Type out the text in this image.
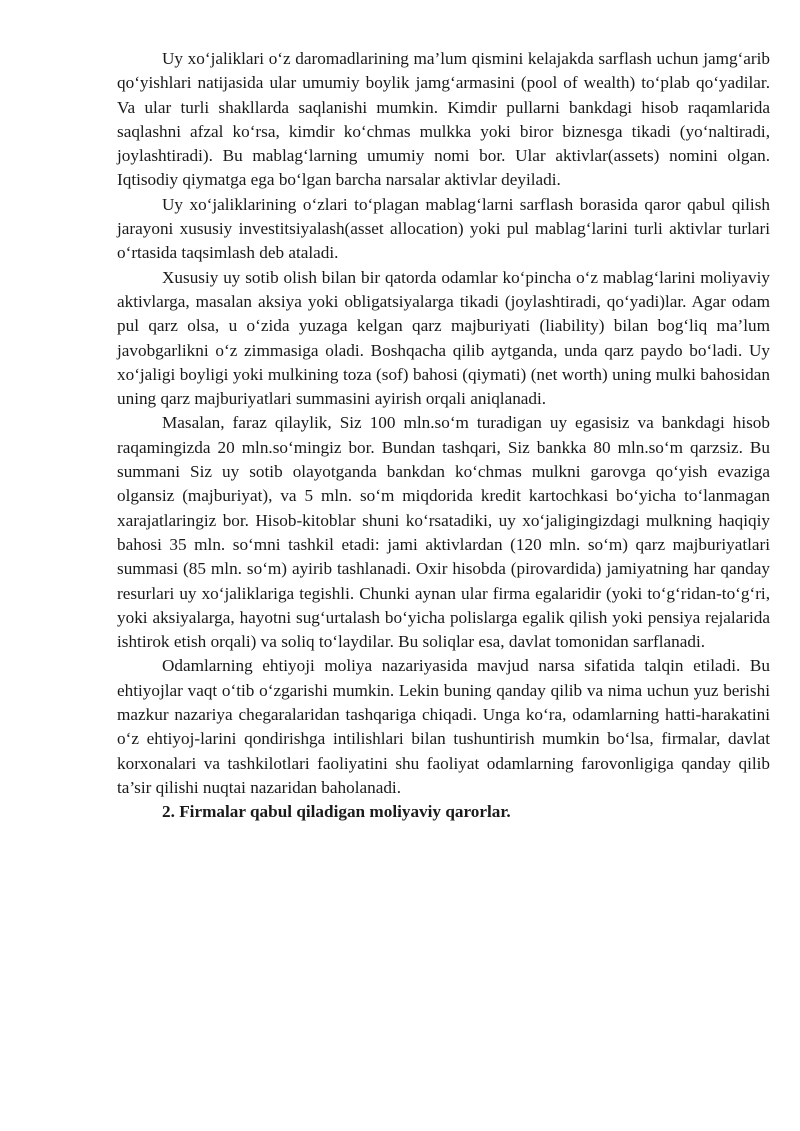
Uy xo‘jaliklari o‘z daromadlarining ma’lum qismini kelajakda sarflash uchun jamg‘arib qo‘yishlari natijasida ular umumiy boylik jamg‘armasini (pool of wealth) to‘plab qo‘yadilar. Va ular turli shakllarda saqlanishi mumkin. Kimdir pullarni bankdagi hisob raqamlarida saqlashni afzal ko‘rsa, kimdir ko‘chmas mulkka yoki biror biznesga tikadi (yo‘naltiradi, joylashtiradi). Bu mablag‘larning umumiy nomi bor. Ular aktivlar(assets) nomini olgan. Iqtisodiy qiymatga ega bo‘lgan barcha narsalar aktivlar deyiladi.

Uy xo‘jaliklarining o‘zlari to‘plagan mablag‘larni sarflash borasida qaror qabul qilish jarayoni xususiy investitsiyalash(asset allocation) yoki pul mablag‘larini turli aktivlar turlari o‘rtasida taqsimlash deb ataladi.

Xususiy uy sotib olish bilan bir qatorda odamlar ko‘pincha o‘z mablag‘larini moliyaviy aktivlarga, masalan aksiya yoki obligatsiyalarga tikadi (joylashtiradi, qo‘yadi)lar. Agar odam pul qarz olsa, u o‘zida yuzaga kelgan qarz majburiyati (liability) bilan bog‘liq ma’lum javobgarlikni o‘z zimmasiga oladi. Boshqacha qilib aytganda, unda qarz paydo bo‘ladi. Uy xo‘jaligi boyligi yoki mulkining toza (sof) bahosi (qiymati) (net worth) uning mulki bahosidan uning qarz majburiyatlari summasini ayirish orqali aniqlanadi.

Masalan, faraz qilaylik, Siz 100 mln.so‘m turadigan uy egasisiz va bankdagi hisob raqamingizda 20 mln.so‘mingiz bor. Bundan tashqari, Siz bankka 80 mln.so‘m qarzsiz. Bu summani Siz uy sotib olayotganda bankdan ko‘chmas mulkni garovga qo‘yish evaziga olgansiz (majburiyat), va 5 mln. so‘m miqdorida kredit kartochkasi bo‘yicha to‘lanmagan xarajatlaringiz bor. Hisob-kitoblar shuni ko‘rsatadiki, uy xo‘jaligingizdagi mulkning haqiqiy bahosi 35 mln. so‘mni tashkil etadi: jami aktivlardan (120 mln. so‘m) qarz majburiyatlari summasi (85 mln. so‘m) ayirib tashlanadi. Oxir hisobda (pirovardida) jamiyatning har qanday resurlari uy xo‘jaliklariga tegishli. Chunki aynan ular firma egalaridir (yoki to‘g‘ridan-to‘g‘ri, yoki aksiyalarga, hayotni sug‘urtalash bo‘yicha polislarga egalik qilish yoki pensiya rejalarida ishtirok etish orqali) va soliq to‘laydilar. Bu soliqlar esa, davlat tomonidan sarflanadi.

Odamlarning ehtiyoji moliya nazariyasida mavjud narsa sifatida talqin etiladi. Bu ehtiyojlar vaqt o‘tib o‘zgarishi mumkin. Lekin buning qanday qilib va nima uchun yuz berishi mazkur nazariya chegaralaridan tashqariga chiqadi. Unga ko‘ra, odamlarning hatti-harakatini o‘z ehtiyoj-larini qondirishga intilishlari bilan tushuntirish mumkin bo‘lsa, firmalar, davlat korxonalari va tashkilotlari faoliyatini shu faoliyat odamlarning farovonligiga qanday qilib ta’sir qilishi nuqtai nazaridan baholanadi.

2. Firmalar qabul qiladigan moliyaviy qarorlar.
